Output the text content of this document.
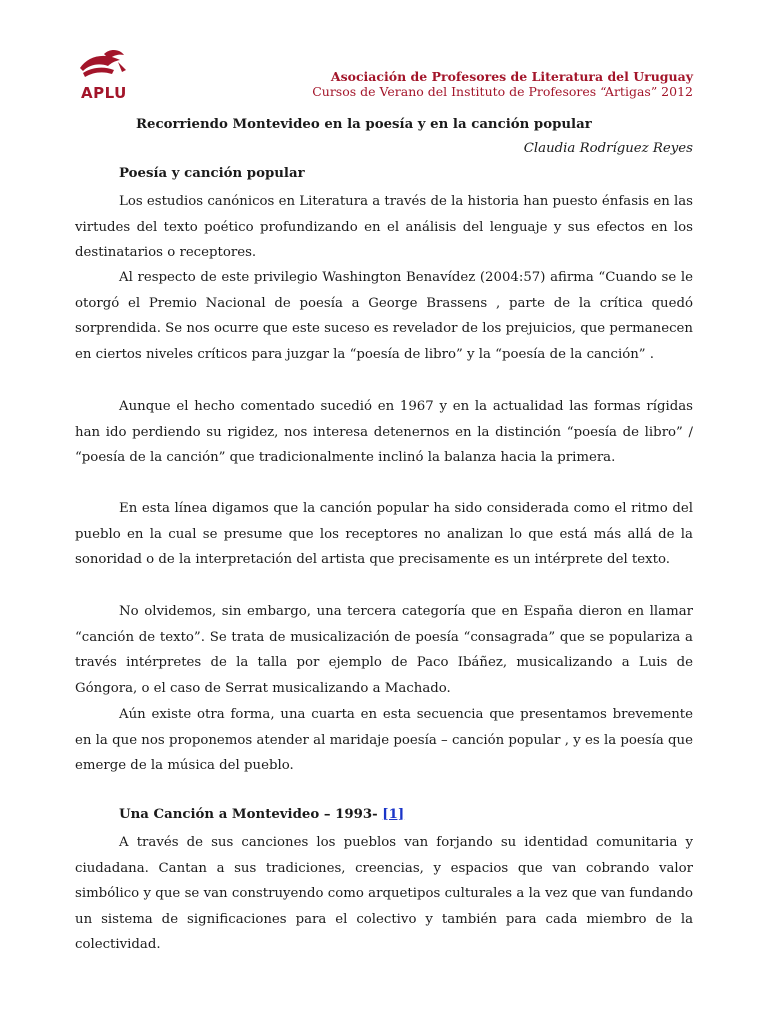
APLU
Asociación de Profesores de Literatura del Uruguay
Cursos de Verano del Instituto de Profesores “Artigas” 2012
Recorriendo Montevideo en la poesía y en la canción popular
Claudia Rodríguez Reyes
Poesía y canción popular

Los estudios canónicos en Literatura a través de la historia han puesto énfasis en las virtudes del texto poético profundizando en el análisis del lenguaje y sus efectos en los destinatarios o receptores.

Al respecto de este privilegio Washington Benavídez (2004:57) afirma “Cuando se le otorgó el Premio Nacional de poesía a George Brassens , parte de la crítica quedó sorprendida. Se nos ocurre que este suceso es revelador de los prejuicios, que permanecen en ciertos niveles críticos para juzgar la “poesía de libro” y la “poesía de la canción” .

Aunque el hecho comentado sucedió en 1967 y en la actualidad las formas rígidas han ido perdiendo su rigidez, nos interesa detenernos en la distinción “poesía de libro” / “poesía de la canción” que tradicionalmente inclinó la balanza hacia la primera.

En esta línea digamos que la canción popular ha sido considerada como el ritmo del pueblo en la cual se presume que los receptores no analizan lo que está más allá de la sonoridad o de la interpretación del artista que precisamente es un intérprete del texto.

No olvidemos, sin embargo, una tercera categoría que en España dieron en llamar “canción de texto”. Se trata de musicalización de poesía “consagrada” que se populariza a través intérpretes de la talla por ejemplo de Paco Ibáñez, musicalizando a Luis de Góngora, o el caso de Serrat musicalizando a Machado.

Aún existe otra forma, una cuarta en esta secuencia que presentamos brevemente en la que nos proponemos atender al maridaje poesía – canción popular , y es la poesía que emerge de la música del pueblo.

Una Canción a Montevideo – 1993- [1]

A través de sus canciones los pueblos van forjando su identidad comunitaria y ciudadana. Cantan a sus tradiciones, creencias, y espacios que van cobrando valor simbólico y que se van construyendo como arquetipos culturales a la vez que van fundando un sistema de significaciones para el colectivo y también para cada miembro de la colectividad.
